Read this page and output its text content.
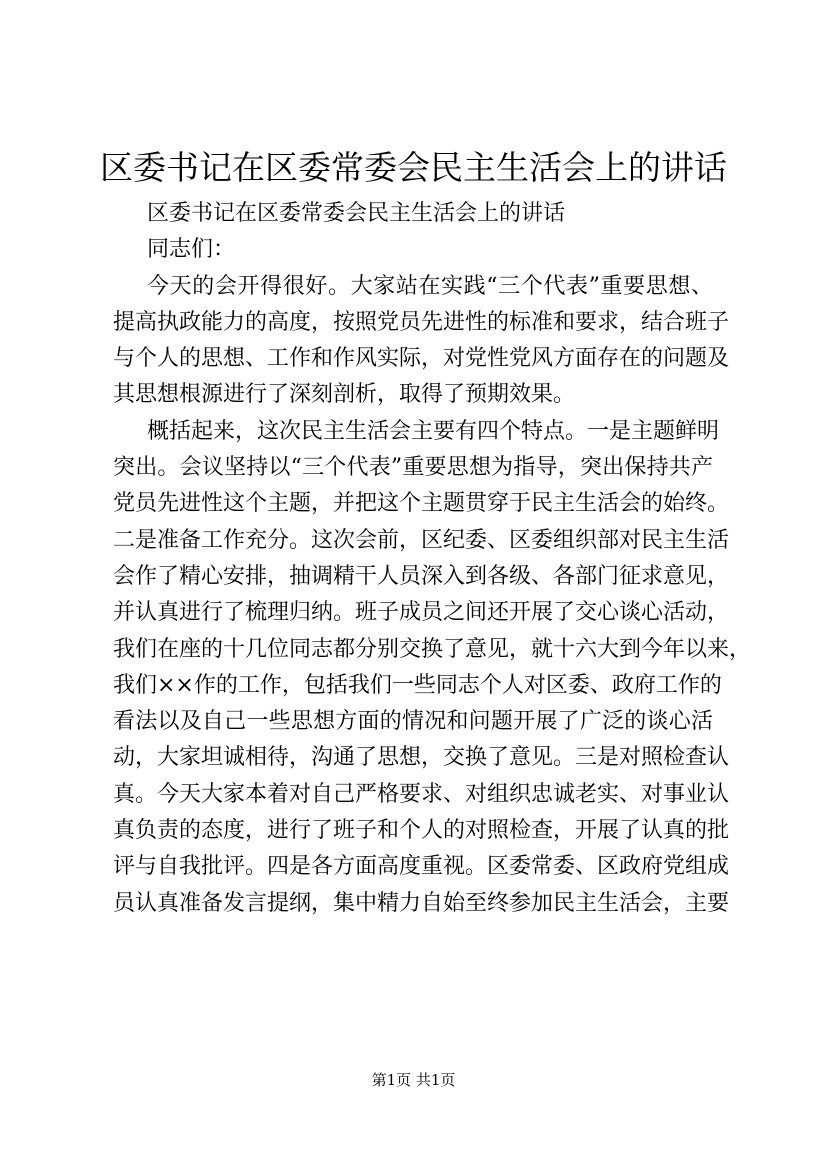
区委书记在区委常委会民主生活会上的讲话
区委书记在区委常委会民主生活会上的讲话
同志们：
今天的会开得很好。大家站在实践“三个代表”重要思想、
提高执政能力的高度，按照党员先进性的标准和要求，结合班子
与个人的思想、工作和作风实际，对党性党风方面存在的问题及
其思想根源进行了深刻剖析，取得了预期效果。
概括起来，这次民主生活会主要有四个特点。一是主题鲜明
突出。会议坚持以“三个代表”重要思想为指导，突出保持共产
党员先进性这个主题，并把这个主题贯穿于民主生活会的始终。
二是准备工作充分。这次会前，区纪委、区委组织部对民主生活
会作了精心安排，抽调精干人员深入到各级、各部门征求意见，
并认真进行了梳理归纳。班子成员之间还开展了交心谈心活动，
我们在座的十几位同志都分别交换了意见，就十六大到今年以来，
我们××作的工作，包括我们一些同志个人对区委、政府工作的
看法以及自己一些思想方面的情况和问题开展了广泛的谈心活
动，大家坦诚相待，沟通了思想，交换了意见。三是对照检查认
真。今天大家本着对自己严格要求、对组织忠诚老实、对事业认
真负责的态度，进行了班子和个人的对照检查，开展了认真的批
评与自我批评。四是各方面高度重视。区委常委、区政府党组成
员认真准备发言提纲，集中精力自始至终参加民主生活会，主要
第1页 共1页
